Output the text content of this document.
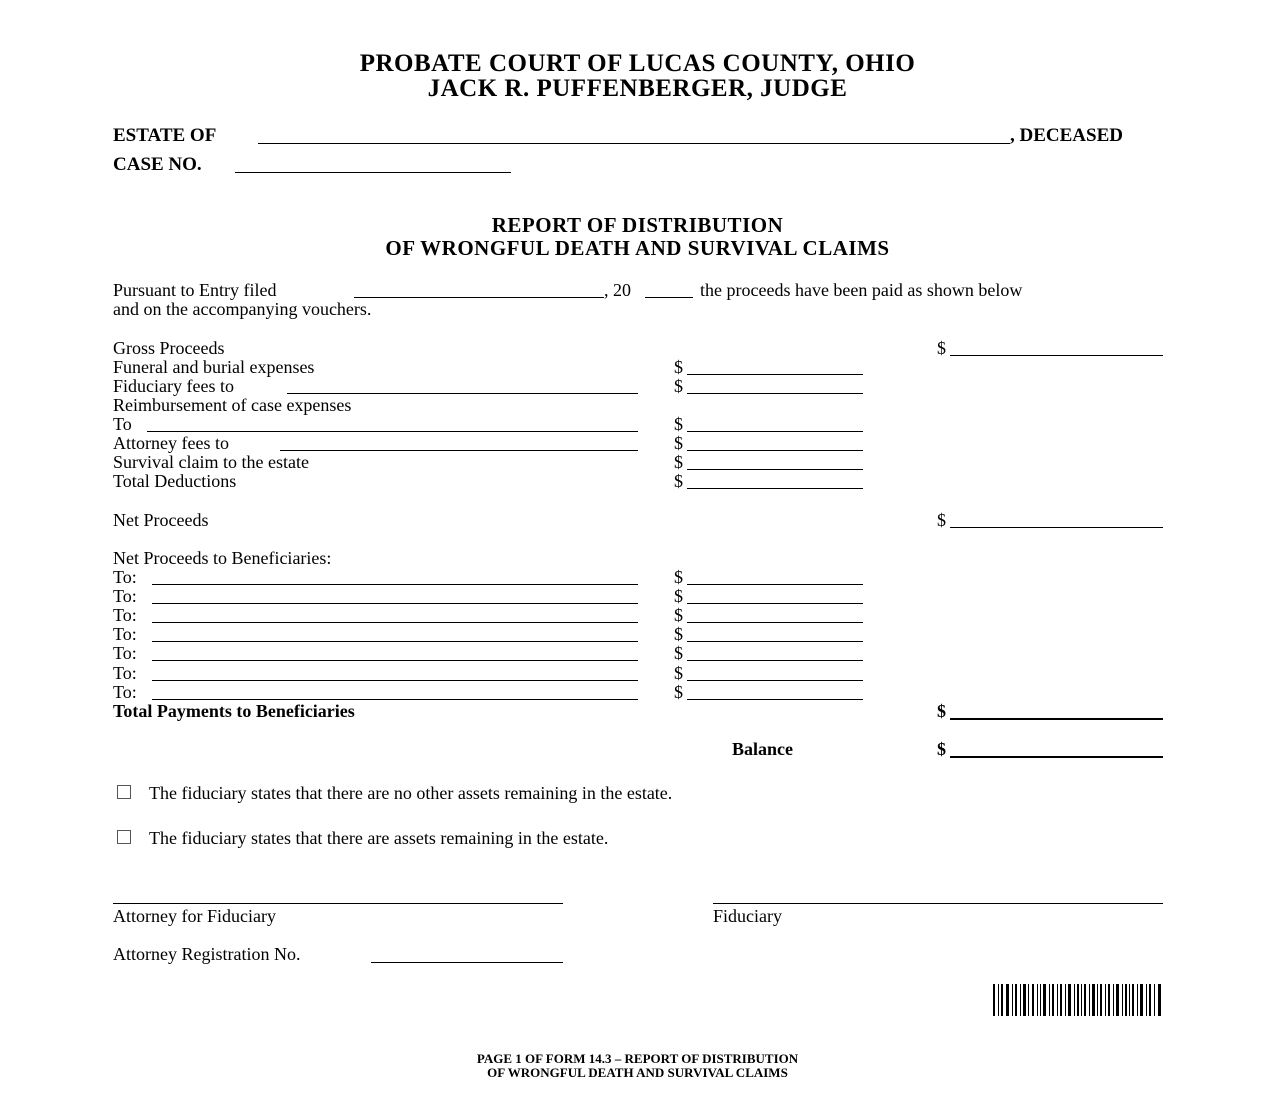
PROBATE COURT OF LUCAS COUNTY, OHIO
JACK R. PUFFENBERGER, JUDGE
ESTATE OF	, DECEASED
CASE NO.
REPORT OF DISTRIBUTION
OF WRONGFUL DEATH AND SURVIVAL CLAIMS
Pursuant to Entry filed	, 20	the proceeds have been paid as shown below
and on the accompanying vouchers.
Gross Proceeds	$
Funeral and burial expenses	$
Fiduciary fees to	$
Reimbursement of case expenses
To	$
Attorney fees to	$
Survival claim to the estate	$
Total Deductions	$
Net Proceeds	$
Net Proceeds to Beneficiaries:
To:	$
To:	$
To:	$
To:	$
To:	$
To:	$
To:	$
Total Payments to Beneficiaries	$
Balance	$
The fiduciary states that there are no other assets remaining in the estate.
The fiduciary states that there are assets remaining in the estate.
Attorney for Fiduciary	Fiduciary
Attorney Registration No.
PAGE 1 OF FORM 14.3 – REPORT OF DISTRIBUTION
OF WRONGFUL DEATH AND SURVIVAL CLAIMS
